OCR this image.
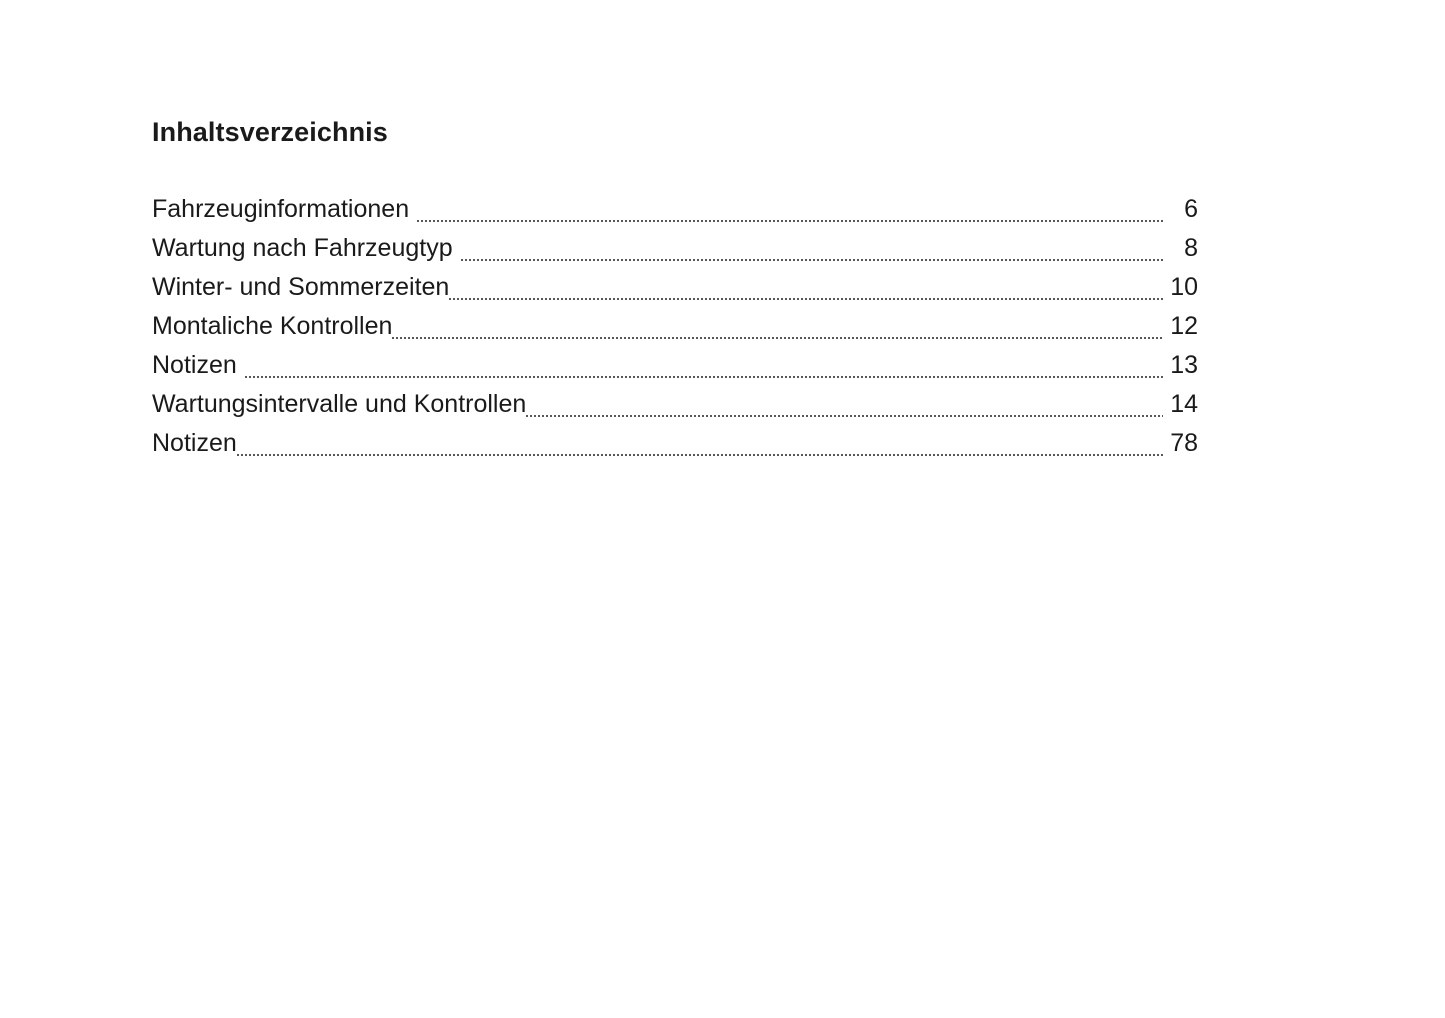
Inhaltsverzeichnis
Fahrzeuginformationen	6
Wartung nach Fahrzeugtyp	8
Winter- und Sommerzeiten	10
Montaliche Kontrollen	12
Notizen	13
Wartungsintervalle und Kontrollen	14
Notizen	78
